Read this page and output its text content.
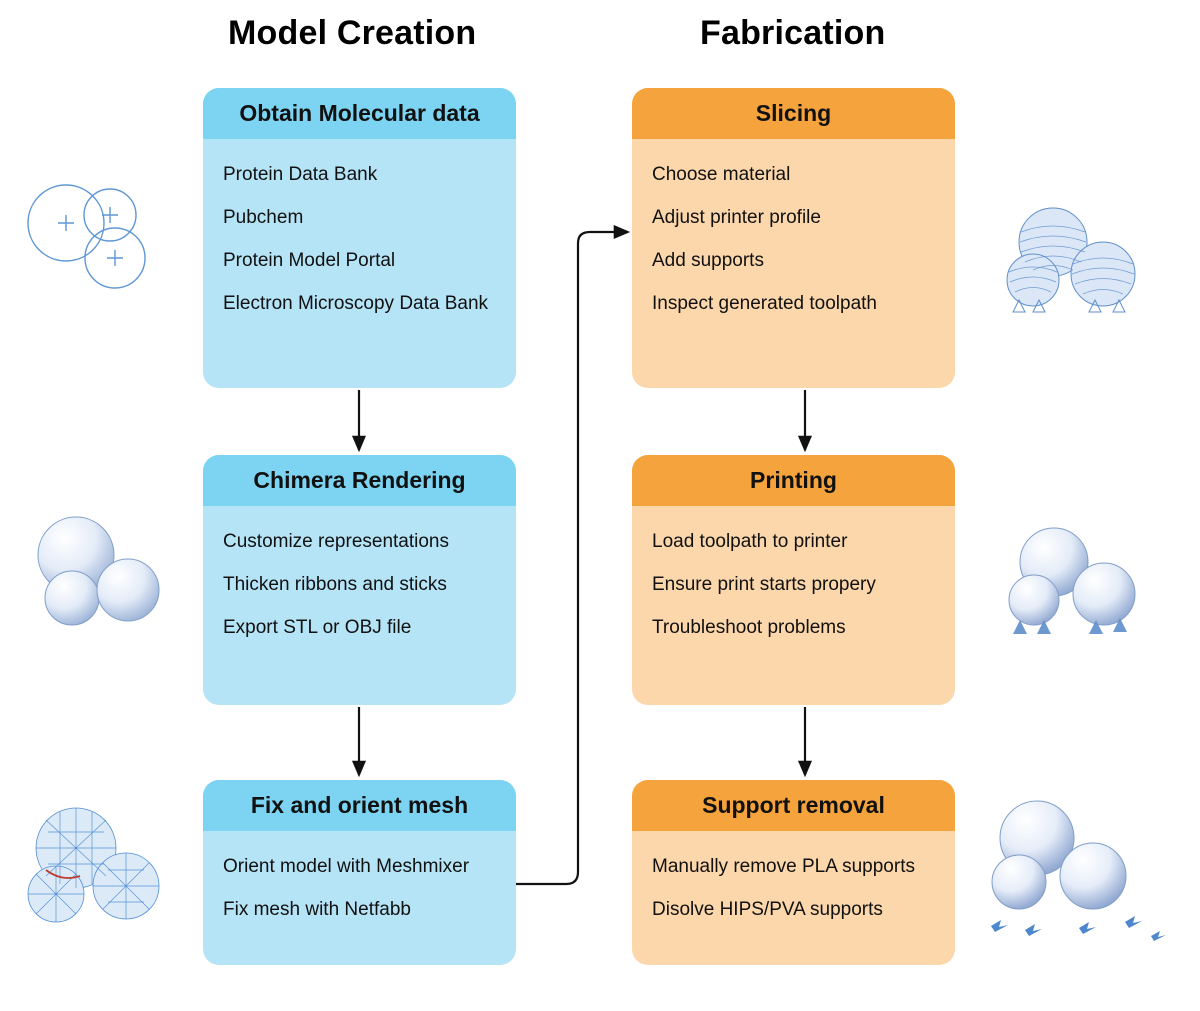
Model Creation	Fabrication
Obtain Molecular data
Protein Data Bank
Pubchem
Protein Model Portal
Electron Microscopy Data Bank
Chimera Rendering
Customize representations
Thicken ribbons and sticks
Export STL or OBJ file
Fix and orient mesh
Orient model with Meshmixer
Fix mesh with Netfabb
Slicing
Choose material
Adjust printer profile
Add supports
Inspect generated toolpath
Printing
Load toolpath to printer
Ensure print starts propery
Troubleshoot problems
Support removal
Manually remove PLA supports
Disolve HIPS/PVA supports
